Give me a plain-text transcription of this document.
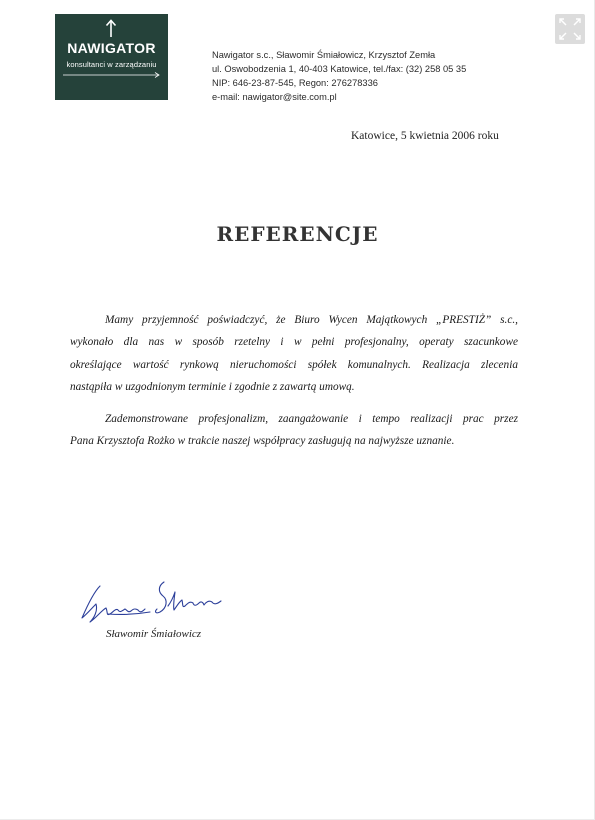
NAWIGATOR
konsultanci w zarządzaniu
Nawigator s.c., Sławomir Śmiałowicz, Krzysztof Zemła
ul. Oswobodzenia 1, 40-403 Katowice, tel./fax: (32) 258 05 35
NIP: 646-23-87-545, Regon: 276278336
e-mail: nawigator@site.com.pl
Katowice, 5 kwietnia 2006 roku
REFERENCJE

Mamy przyjemność poświadczyć, że Biuro Wycen Majątkowych „PRESTIŻ” s.c.,
wykonało dla nas w sposób rzetelny i w pełni profesjonalny, operaty szacunkowe
określające wartość rynkową nieruchomości spółek komunalnych. Realizacja zlecenia
nastąpiła w uzgodnionym terminie i zgodnie z zawartą umową.

Zademonstrowane profesjonalizm, zaangażowanie i tempo realizacji prac przez
Pana Krzysztofa Rożko w trakcie naszej współpracy zasługują na najwyższe uznanie.

Sławomir Śmiałowicz
